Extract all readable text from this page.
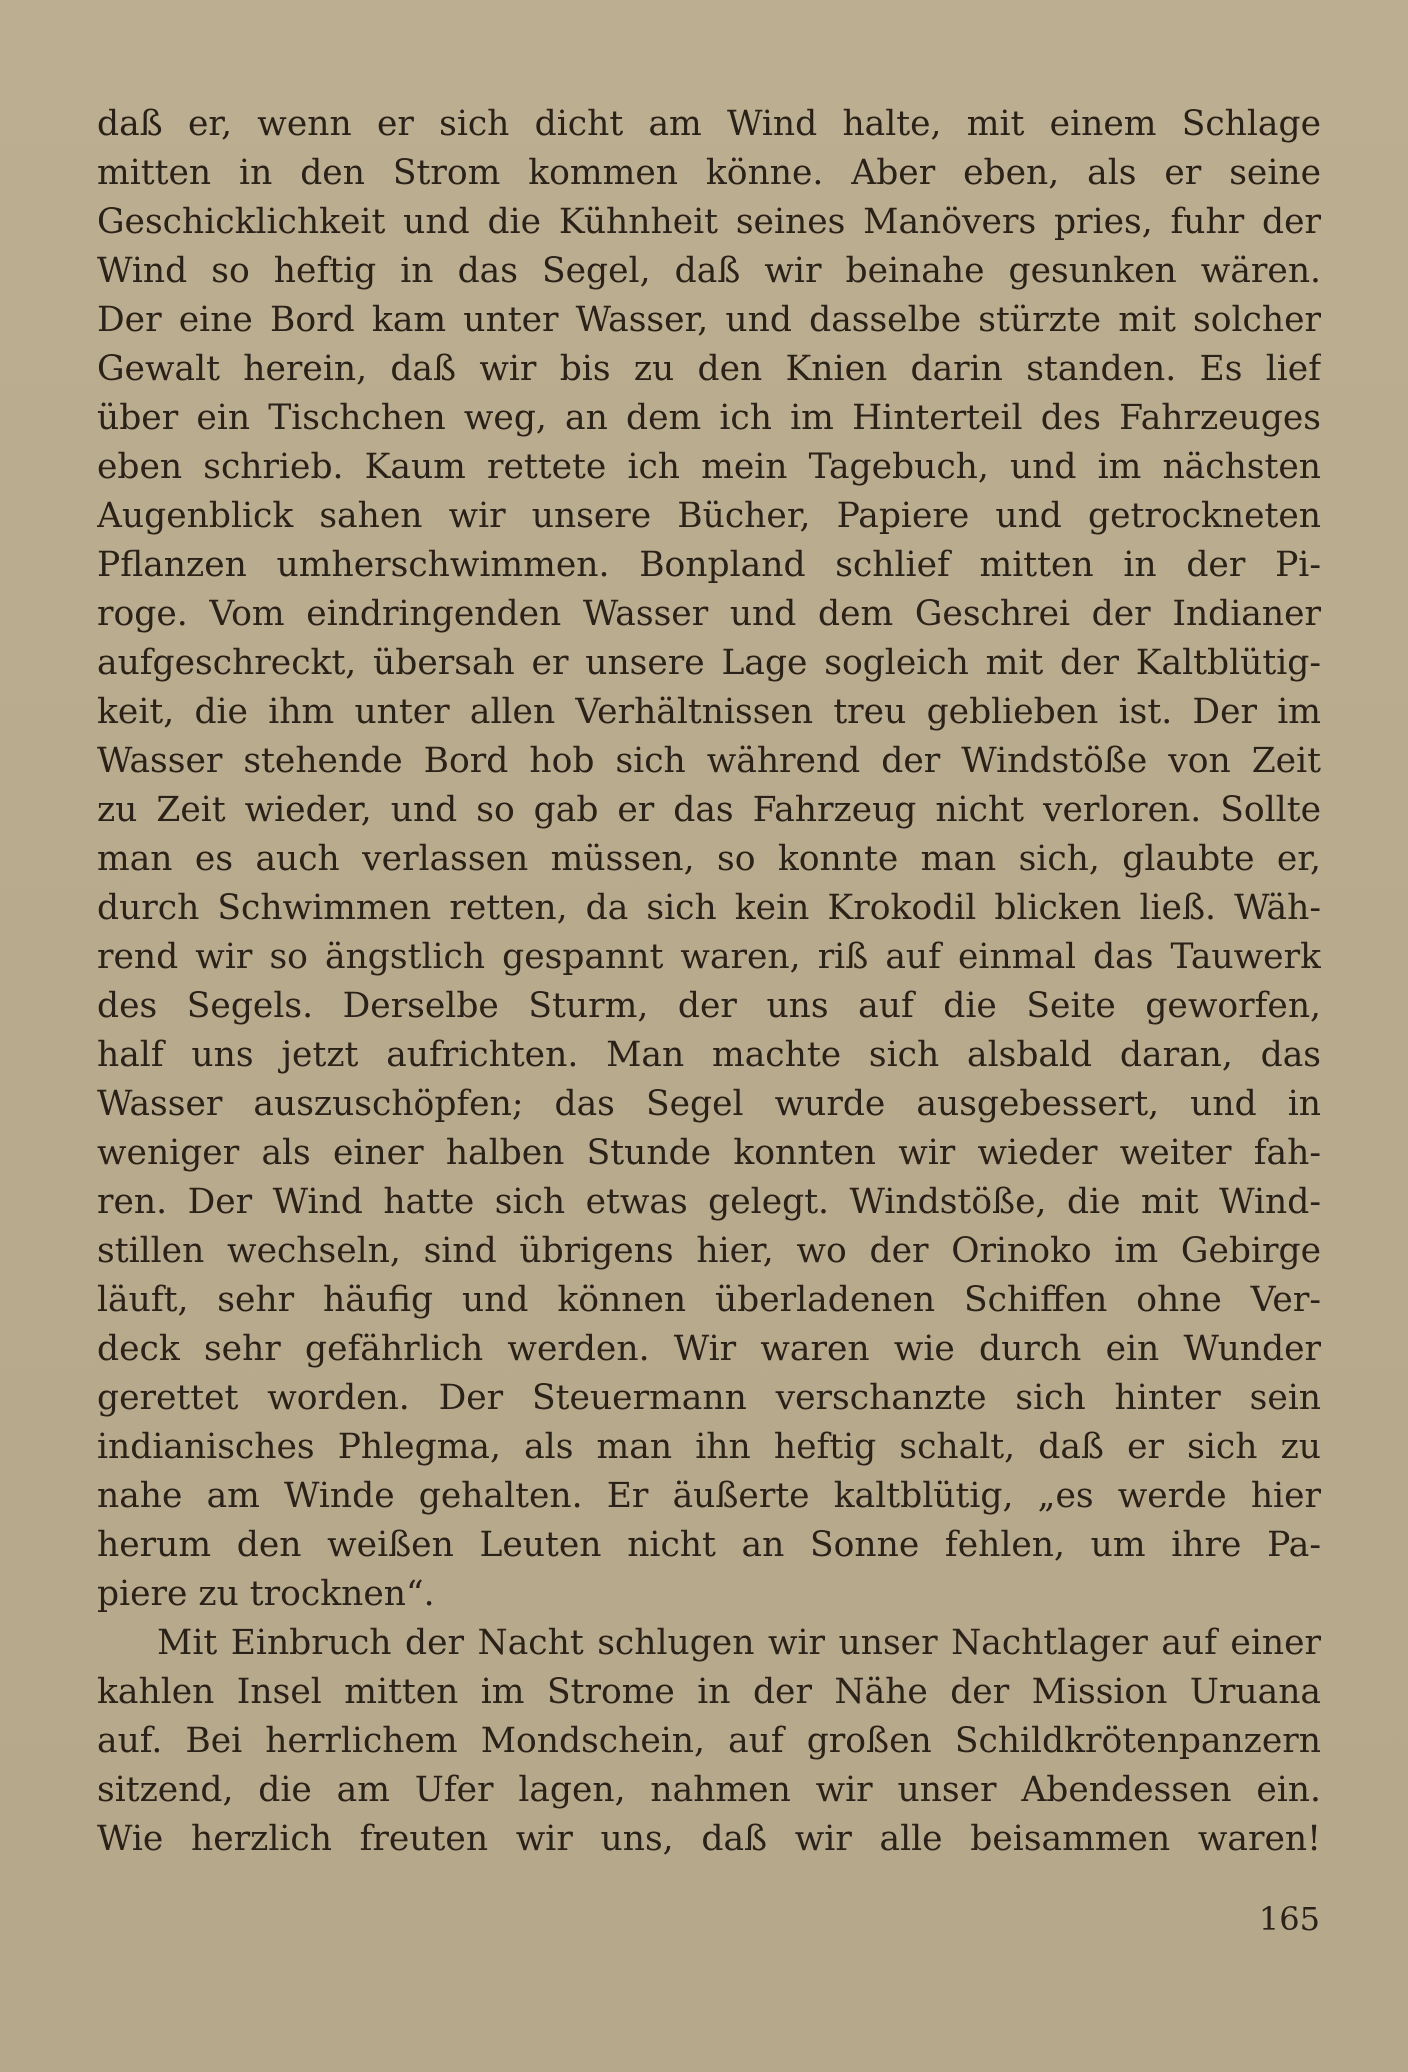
daß er, wenn er sich dicht am Wind halte, mit einem Schlage
mitten in den Strom kommen könne. Aber eben, als er seine
Geschicklichkeit und die Kühnheit seines Manövers pries, fuhr der
Wind so heftig in das Segel, daß wir beinahe gesunken wären.
Der eine Bord kam unter Wasser, und dasselbe stürzte mit solcher
Gewalt herein, daß wir bis zu den Knien darin standen. Es lief
über ein Tischchen weg, an dem ich im Hinterteil des Fahrzeuges
eben schrieb. Kaum rettete ich mein Tagebuch, und im nächsten
Augenblick sahen wir unsere Bücher, Papiere und getrockneten
Pflanzen umherschwimmen. Bonpland schlief mitten in der Pi-
roge. Vom eindringenden Wasser und dem Geschrei der Indianer
aufgeschreckt, übersah er unsere Lage sogleich mit der Kaltblütig-
keit, die ihm unter allen Verhältnissen treu geblieben ist. Der im
Wasser stehende Bord hob sich während der Windstöße von Zeit
zu Zeit wieder, und so gab er das Fahrzeug nicht verloren. Sollte
man es auch verlassen müssen, so konnte man sich, glaubte er,
durch Schwimmen retten, da sich kein Krokodil blicken ließ. Wäh-
rend wir so ängstlich gespannt waren, riß auf einmal das Tauwerk
des Segels. Derselbe Sturm, der uns auf die Seite geworfen,
half uns jetzt aufrichten. Man machte sich alsbald daran, das
Wasser auszuschöpfen; das Segel wurde ausgebessert, und in
weniger als einer halben Stunde konnten wir wieder weiter fah-
ren. Der Wind hatte sich etwas gelegt. Windstöße, die mit Wind-
stillen wechseln, sind übrigens hier, wo der Orinoko im Gebirge
läuft, sehr häufig und können überladenen Schiffen ohne Ver-
deck sehr gefährlich werden. Wir waren wie durch ein Wunder
gerettet worden. Der Steuermann verschanzte sich hinter sein
indianisches Phlegma, als man ihn heftig schalt, daß er sich zu
nahe am Winde gehalten. Er äußerte kaltblütig, „es werde hier
herum den weißen Leuten nicht an Sonne fehlen, um ihre Pa-
piere zu trocknen“.
Mit Einbruch der Nacht schlugen wir unser Nachtlager auf einer
kahlen Insel mitten im Strome in der Nähe der Mission Uruana
auf. Bei herrlichem Mondschein, auf großen Schildkrötenpanzern
sitzend, die am Ufer lagen, nahmen wir unser Abendessen ein.
Wie herzlich freuten wir uns, daß wir alle beisammen waren!
165
